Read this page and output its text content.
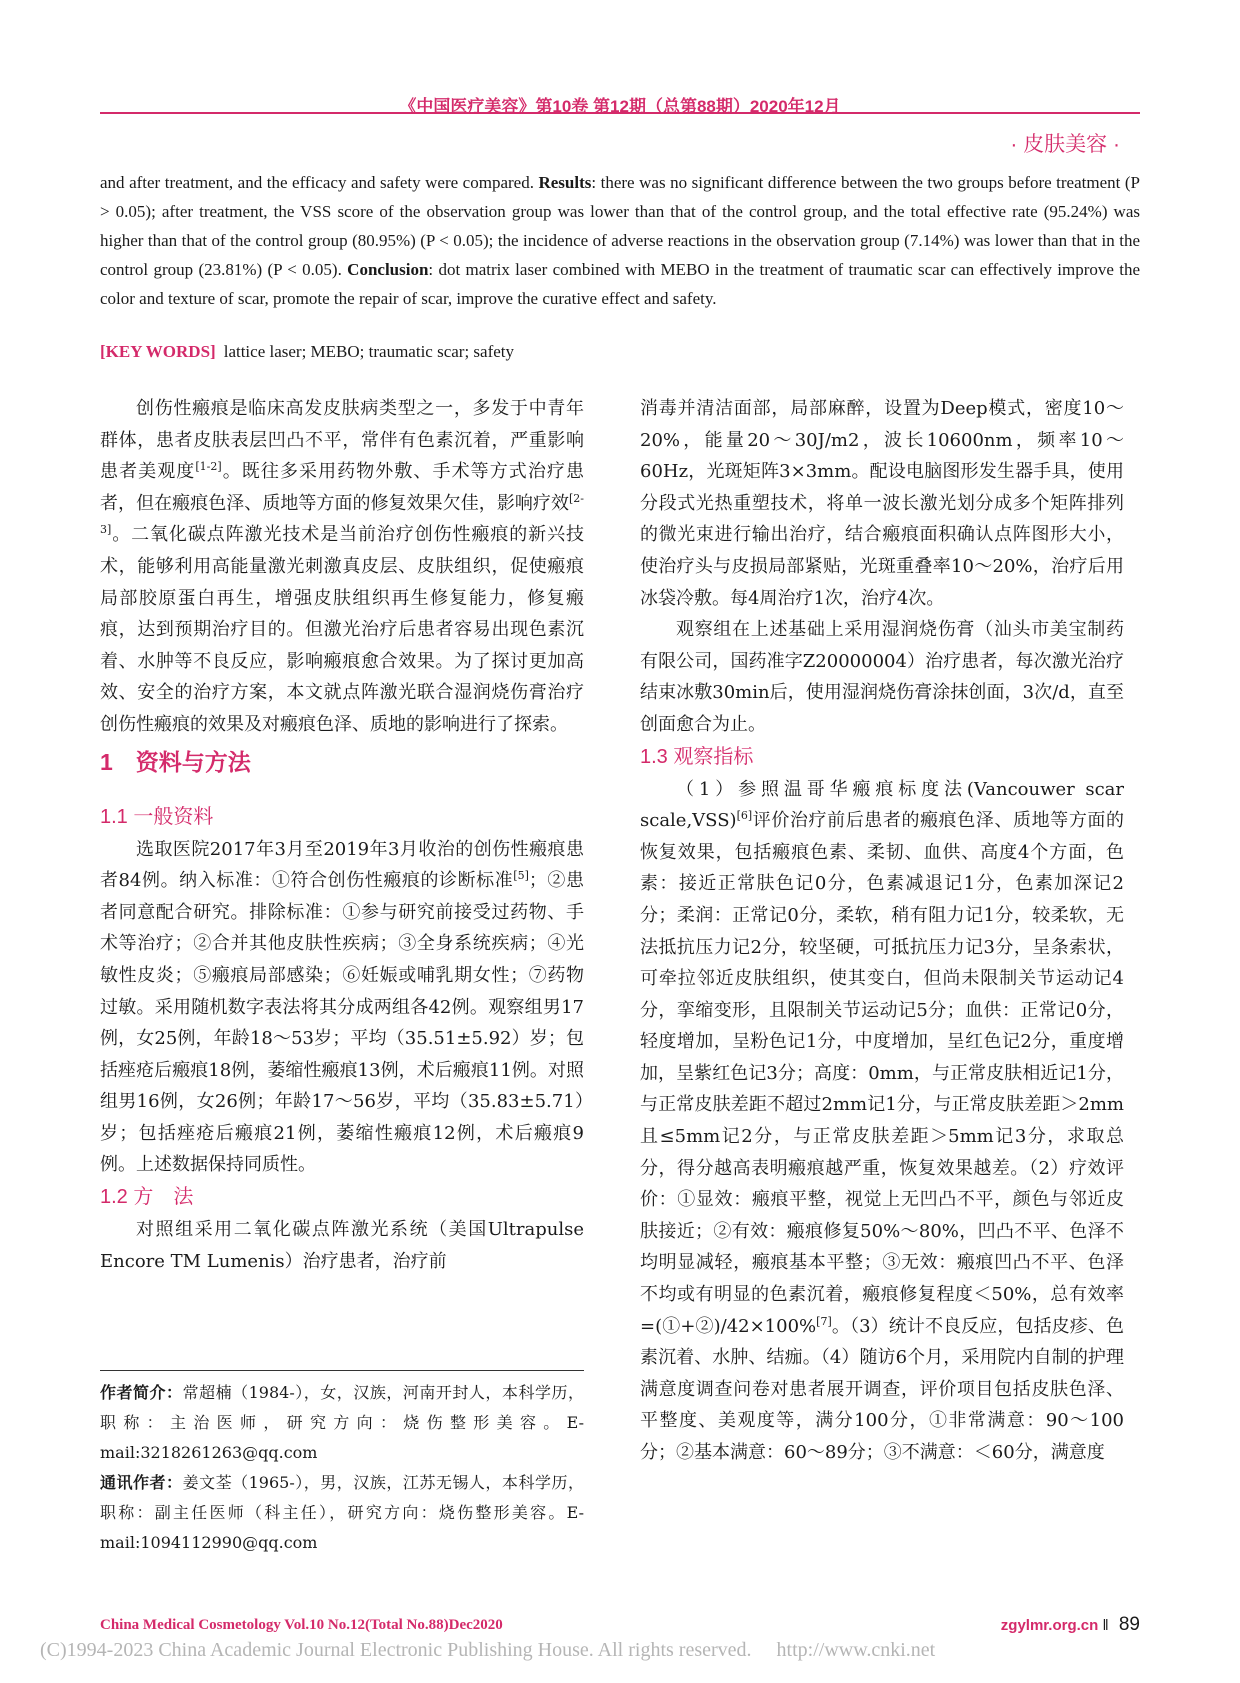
《中国医疗美容》第10卷 第12期（总第88期）2020年12月
· 皮肤美容 ·
and after treatment, and the efficacy and safety were compared. Results: there was no significant difference between the two groups before treatment (P > 0.05); after treatment, the VSS score of the observation group was lower than that of the control group, and the total effective rate (95.24%) was higher than that of the control group (80.95%) (P < 0.05); the incidence of adverse reactions in the observation group (7.14%) was lower than that in the control group (23.81%) (P < 0.05). Conclusion: dot matrix laser combined with MEBO in the treatment of traumatic scar can effectively improve the color and texture of scar, promote the repair of scar, improve the curative effect and safety.
[KEY WORDS] lattice laser; MEBO; traumatic scar; safety

创伤性瘢痕是临床高发皮肤病类型之一，多发于中青年群体，患者皮肤表层凹凸不平，常伴有色素沉着，严重影响患者美观度[1-2]。既往多采用药物外敷、手术等方式治疗患者，但在瘢痕色泽、质地等方面的修复效果欠佳，影响疗效[2-3]。二氧化碳点阵激光技术是当前治疗创伤性瘢痕的新兴技术，能够利用高能量激光刺激真皮层、皮肤组织，促使瘢痕局部胶原蛋白再生，增强皮肤组织再生修复能力，修复瘢痕，达到预期治疗目的。但激光治疗后患者容易出现色素沉着、水肿等不良反应，影响瘢痕愈合效果。为了探讨更加高效、安全的治疗方案，本文就点阵激光联合湿润烧伤膏治疗创伤性瘢痕的效果及对瘢痕色泽、质地的影响进行了探索。

1　资料与方法
1.1 一般资料

选取医院2017年3月至2019年3月收治的创伤性瘢痕患者84例。纳入标准：①符合创伤性瘢痕的诊断标准[5]；②患者同意配合研究。排除标准：①参与研究前接受过药物、手术等治疗；②合并其他皮肤性疾病；③全身系统疾病；④光敏性皮炎；⑤瘢痕局部感染；⑥妊娠或哺乳期女性；⑦药物过敏。采用随机数字表法将其分成两组各42例。观察组男17例，女25例，年龄18～53岁；平均（35.51±5.92）岁；包括痤疮后瘢痕18例，萎缩性瘢痕13例，术后瘢痕11例。对照组男16例，女26例；年龄17～56岁，平均（35.83±5.71）岁；包括痤疮后瘢痕21例，萎缩性瘢痕12例，术后瘢痕9例。上述数据保持同质性。

1.2 方　法

对照组采用二氧化碳点阵激光系统（美国Ultrapulse Encore TM Lumenis）治疗患者，治疗前

作者简介：常超楠（1984-），女，汉族，河南开封人，本科学历，职称：主治医师，研究方向：烧伤整形美容。E-mail:3218261263@qq.com

通讯作者：姜文荃（1965-），男，汉族，江苏无锡人，本科学历，职称：副主任医师（科主任），研究方向：烧伤整形美容。E-mail:1094112990@qq.com

消毒并清洁面部，局部麻醉，设置为Deep模式，密度10～20%，能量20～30J/m2，波长10600nm，频率10～60Hz，光斑矩阵3×3mm。配设电脑图形发生器手具，使用分段式光热重塑技术，将单一波长激光划分成多个矩阵排列的微光束进行输出治疗，结合瘢痕面积确认点阵图形大小，使治疗头与皮损局部紧贴，光斑重叠率10～20%，治疗后用冰袋冷敷。每4周治疗1次，治疗4次。

观察组在上述基础上采用湿润烧伤膏（汕头市美宝制药有限公司，国药准字Z20000004）治疗患者，每次激光治疗结束冰敷30min后，使用湿润烧伤膏涂抹创面，3次/d，直至创面愈合为止。

1.3 观察指标

（1）参照温哥华瘢痕标度法(Vancouwer scar scale,VSS)[6]评价治疗前后患者的瘢痕色泽、质地等方面的恢复效果，包括瘢痕色素、柔韧、血供、高度4个方面，色素：接近正常肤色记0分，色素减退记1分，色素加深记2分；柔润：正常记0分，柔软，稍有阻力记1分，较柔软，无法抵抗压力记2分，较坚硬，可抵抗压力记3分，呈条索状，可牵拉邻近皮肤组织，使其变白，但尚未限制关节运动记4分，挛缩变形，且限制关节运动记5分；血供：正常记0分，轻度增加，呈粉色记1分，中度增加，呈红色记2分，重度增加，呈紫红色记3分；高度：0mm，与正常皮肤相近记1分，与正常皮肤差距不超过2mm记1分，与正常皮肤差距＞2mm且≤5mm记2分，与正常皮肤差距＞5mm记3分，求取总分，得分越高表明瘢痕越严重，恢复效果越差。（2）疗效评价：①显效：瘢痕平整，视觉上无凹凸不平，颜色与邻近皮肤接近；②有效：瘢痕修复50%～80%，凹凸不平、色泽不均明显减轻，瘢痕基本平整；③无效：瘢痕凹凸不平、色泽不均或有明显的色素沉着，瘢痕修复程度＜50%，总有效率=(①+②)/42×100%[7]。（3）统计不良反应，包括皮疹、色素沉着、水肿、结痂。（4）随访6个月，采用院内自制的护理满意度调查问卷对患者展开调查，评价项目包括皮肤色泽、平整度、美观度等，满分100分，①非常满意：90～100分；②基本满意：60～89分；③不满意：＜60分，满意度

China Medical Cosmetology Vol.10 No.12(Total No.88)Dec2020	zgylmr.org.cn ‖ 89
(C)1994-2023 China Academic Journal Electronic Publishing House. All rights reserved.　 http://www.cnki.net
